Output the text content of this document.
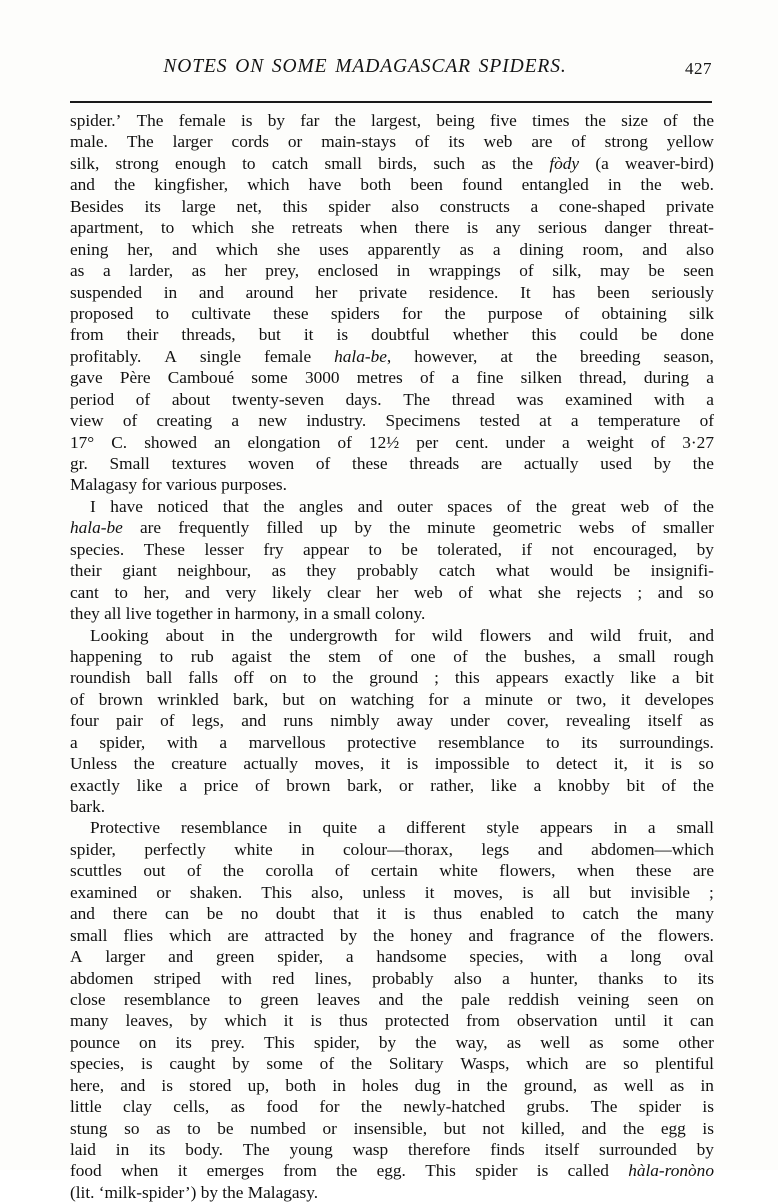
NOTES ON SOME MADAGASCAR SPIDERS.	427
spider.’ The female is by far the largest, being five times the size of the
male. The larger cords or main-stays of its web are of strong yellow
silk, strong enough to catch small birds, such as the fòdy (a weaver-bird)
and the kingfisher, which have both been found entangled in the web.
Besides its large net, this spider also constructs a cone-shaped private
apartment, to which she retreats when there is any serious danger threat-
ening her, and which she uses apparently as a dining room, and also
as a larder, as her prey, enclosed in wrappings of silk, may be seen
suspended in and around her private residence. It has been seriously
proposed to cultivate these spiders for the purpose of obtaining silk
from their threads, but it is doubtful whether this could be done
profitably. A single female hala-be, however, at the breeding season,
gave Père Camboué some 3000 metres of a fine silken thread, during a
period of about twenty-seven days. The thread was examined with a
view of creating a new industry. Specimens tested at a temperature of
17° C. showed an elongation of 12½ per cent. under a weight of 3·27
gr. Small textures woven of these threads are actually used by the
Malagasy for various purposes.
I have noticed that the angles and outer spaces of the great web of the
hala-be are frequently filled up by the minute geometric webs of smaller
species. These lesser fry appear to be tolerated, if not encouraged, by
their giant neighbour, as they probably catch what would be insignifi-
cant to her, and very likely clear her web of what she rejects ; and so
they all live together in harmony, in a small colony.
Looking about in the undergrowth for wild flowers and wild fruit, and
happening to rub agaist the stem of one of the bushes, a small rough
roundish ball falls off on to the ground ; this appears exactly like a bit
of brown wrinkled bark, but on watching for a minute or two, it developes
four pair of legs, and runs nimbly away under cover, revealing itself as
a spider, with a marvellous protective resemblance to its surroundings.
Unless the creature actually moves, it is impossible to detect it, it is so
exactly like a price of brown bark, or rather, like a knobby bit of the
bark.
Protective resemblance in quite a different style appears in a small
spider, perfectly white in colour—thorax, legs and abdomen—which
scuttles out of the corolla of certain white flowers, when these are
examined or shaken. This also, unless it moves, is all but invisible ;
and there can be no doubt that it is thus enabled to catch the many
small flies which are attracted by the honey and fragrance of the flowers.
A larger and green spider, a handsome species, with a long oval
abdomen striped with red lines, probably also a hunter, thanks to its
close resemblance to green leaves and the pale reddish veining seen on
many leaves, by which it is thus protected from observation until it can
pounce on its prey. This spider, by the way, as well as some other
species, is caught by some of the Solitary Wasps, which are so plentiful
here, and is stored up, both in holes dug in the ground, as well as in
little clay cells, as food for the newly-hatched grubs. The spider is
stung so as to be numbed or insensible, but not killed, and the egg is
laid in its body. The young wasp therefore finds itself surrounded by
food when it emerges from the egg. This spider is called hàla-ronòno
(lit. ‘milk-spider’) by the Malagasy.
